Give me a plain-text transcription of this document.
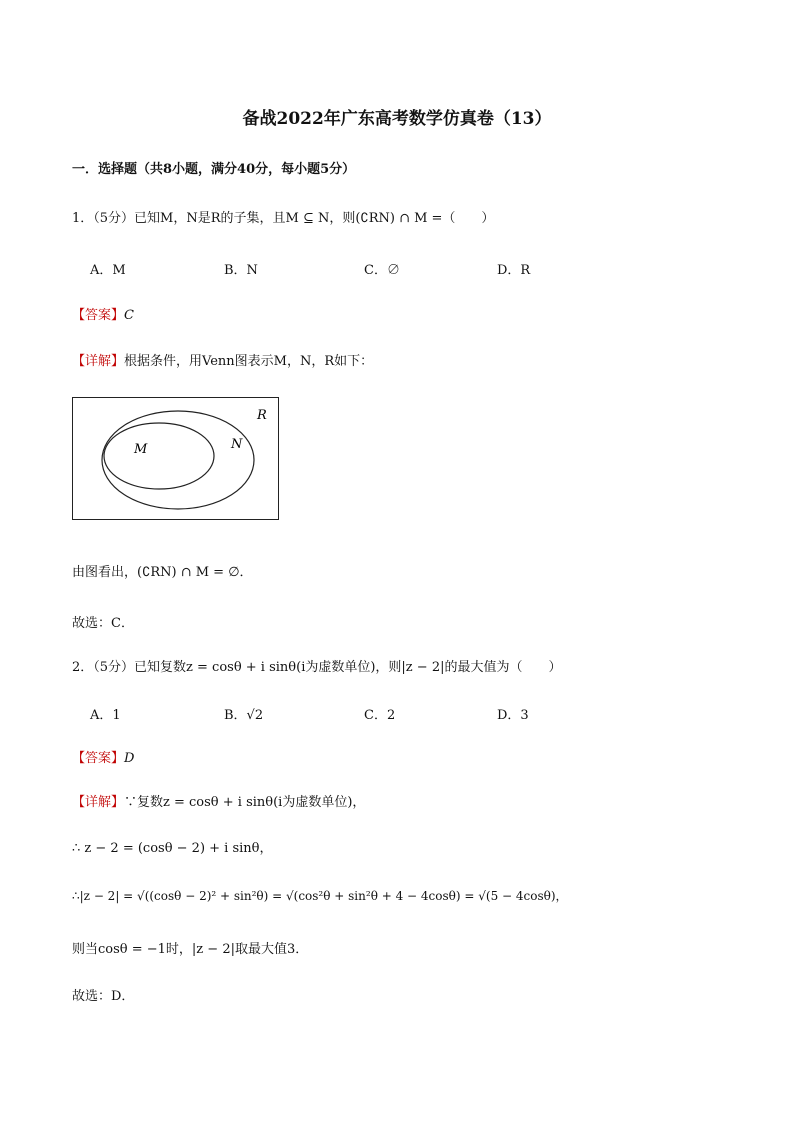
备战2022年广东高考数学仿真卷（13）
一．选择题（共8小题，满分40分，每小题5分）
1．（5分）已知M，N是R的子集，且M ⊆ N，则(∁RN) ∩ M =（　　）
A．M	B．N	C．∅	D．R
【答案】C
【详解】根据条件，用Venn图表示M，N，R如下：
R
N
M
由图看出，(∁RN) ∩ M = ∅．
故选：C．
2．（5分）已知复数z = cosθ + i sinθ(i为虚数单位)，则|z − 2|的最大值为（　　）
A．1	B．√2	C．2	D．3
【答案】D
【详解】∵复数z = cosθ + i sinθ(i为虚数单位)，
∴ z − 2 = (cosθ − 2) + i sinθ，
∴|z − 2| = √((cosθ − 2)² + sin²θ) = √(cos²θ + sin²θ + 4 − 4cosθ) = √(5 − 4cosθ)，
则当cosθ = −1时，|z − 2|取最大值3．
故选：D．
